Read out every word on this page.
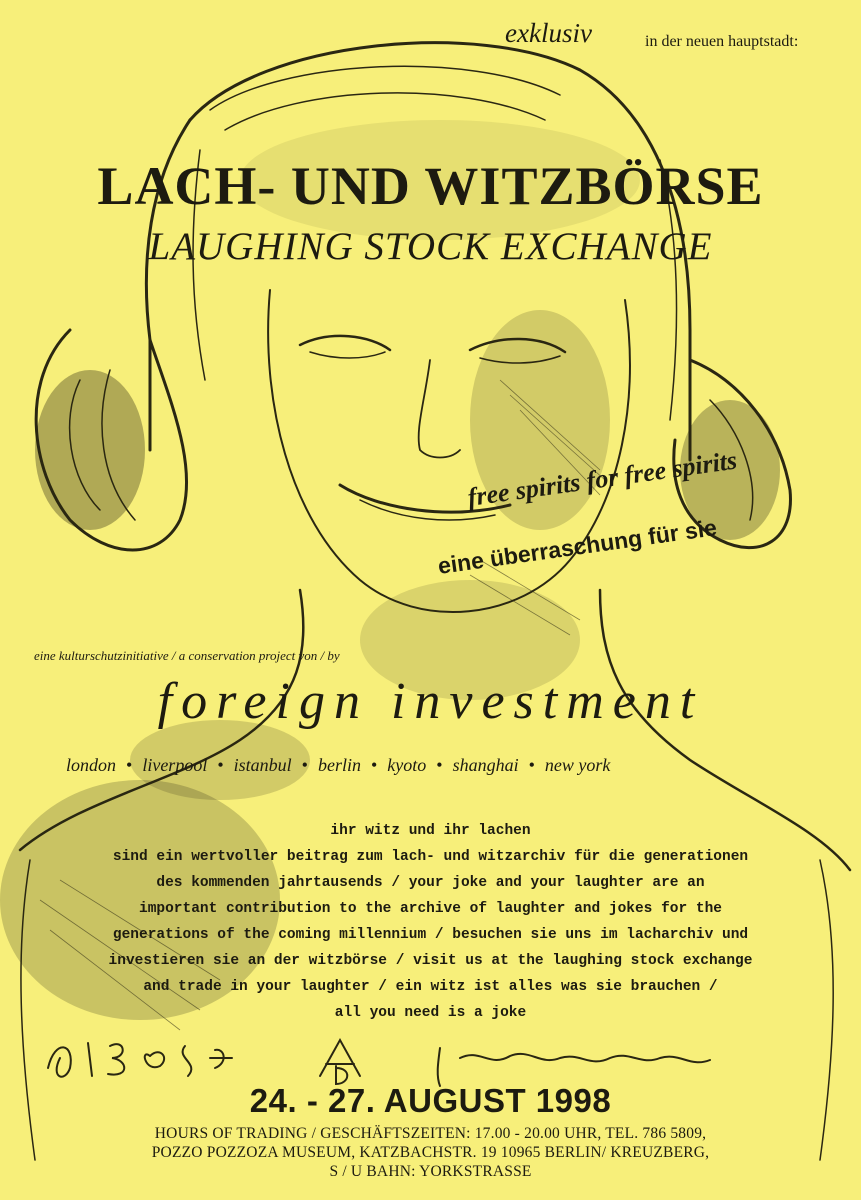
exklusiv	in der neuen hauptstadt:
LACH- UND WITZBÖRSE
LAUGHING STOCK EXCHANGE
free spirits for free spirits
eine überraschung für sie
eine kulturschutzinitiative / a conservation project von / by
foreign investment
london • liverpool • istanbul • berlin • kyoto • shanghai • new york
ihr witz und ihr lachen
sind ein wertvoller beitrag zum lach- und witzarchiv für die generationen
des kommenden jahrtausends / your joke and your laughter are an
important contribution to the archive of laughter and jokes for the
generations of the coming millennium / besuchen sie uns im lacharchiv und
investieren sie an der witzbörse / visit us at the laughing stock exchange
and trade in your laughter / ein witz ist alles was sie brauchen /
all you need is a joke
24. - 27. AUGUST 1998
HOURS OF TRADING / GESCHÄFTSZEITEN: 17.00 - 20.00 UHR, TEL. 786 5809,
POZZO POZZOZA MUSEUM, KATZBACHSTR. 19 10965 BERLIN/ KREUZBERG,
S / U BAHN: YORKSTRASSE
